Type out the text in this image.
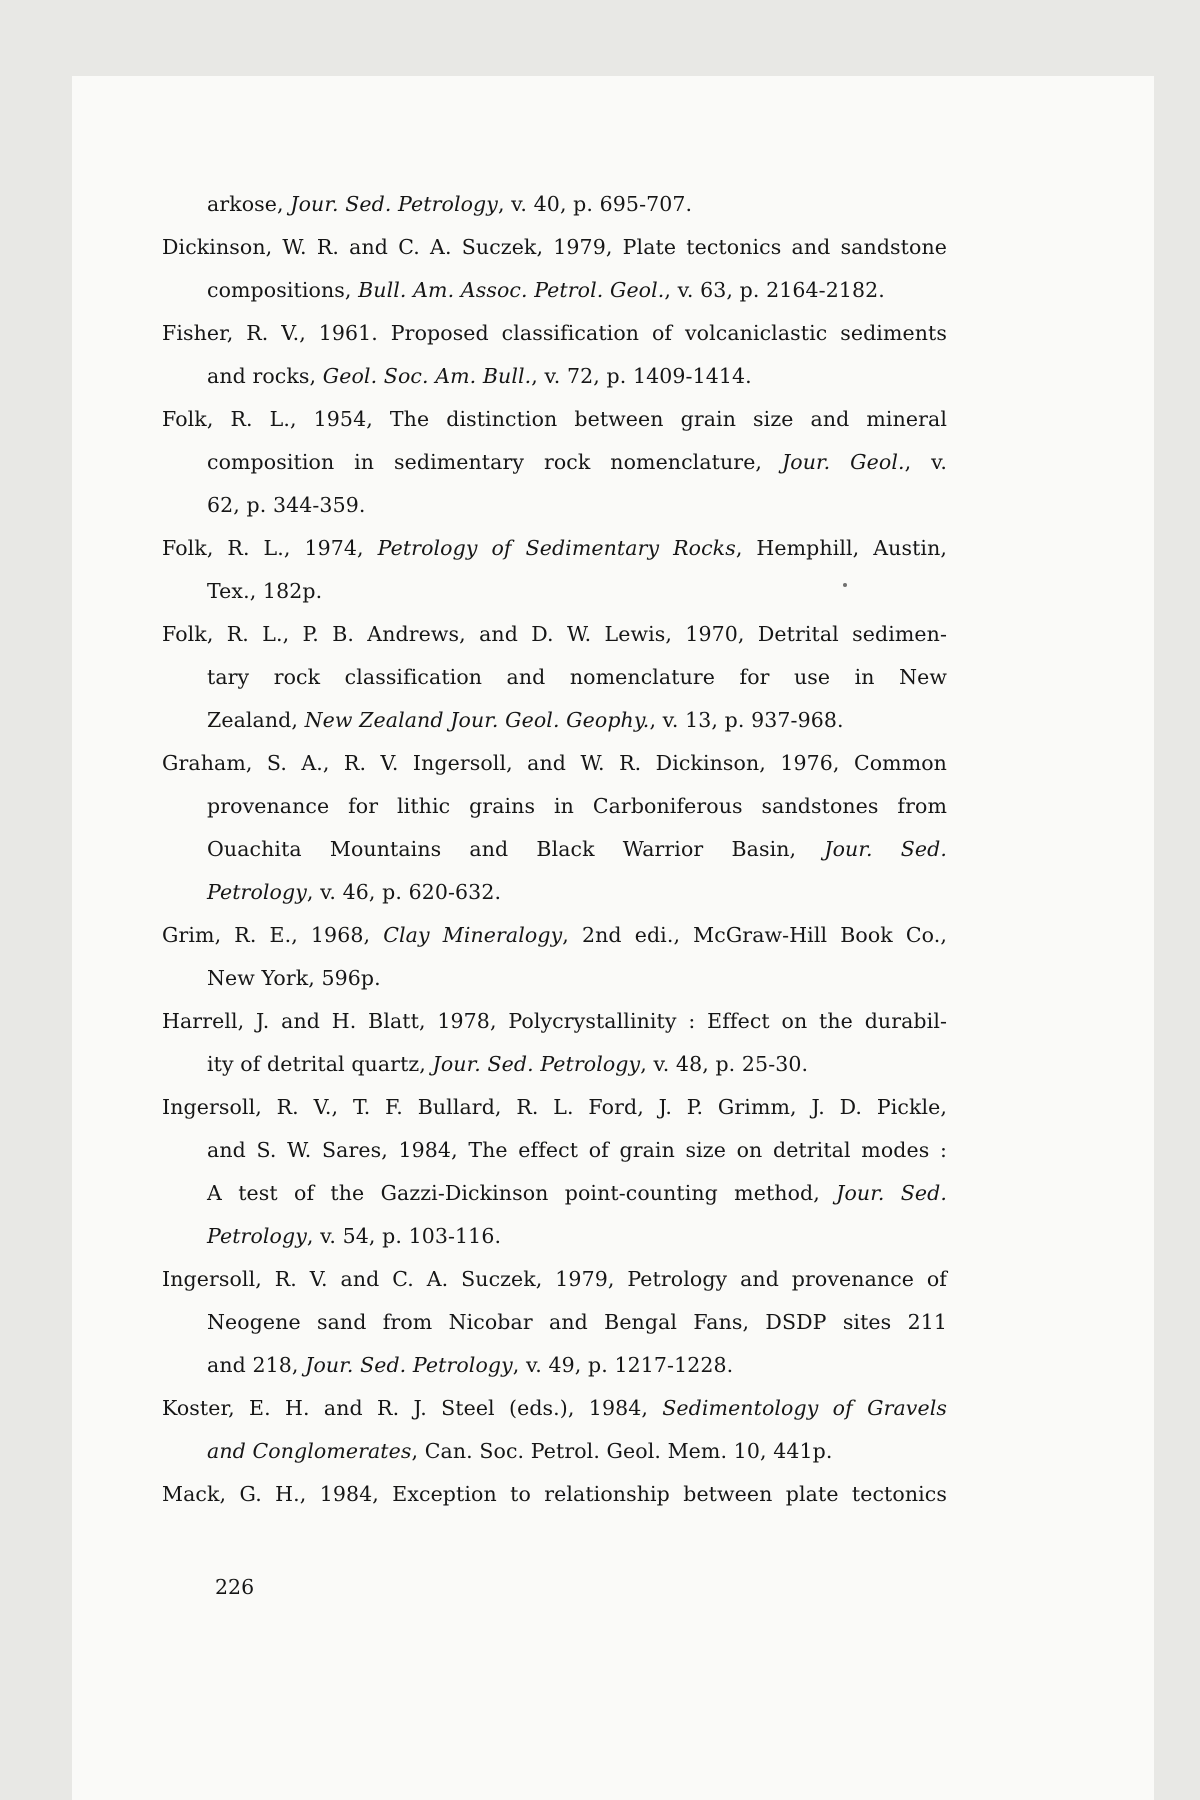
arkose, Jour. Sed. Petrology, v. 40, p. 695-707.
Dickinson, W. R. and C. A. Suczek, 1979, Plate tectonics and sandstone
compositions, Bull. Am. Assoc. Petrol. Geol., v. 63, p. 2164-2182.
Fisher, R. V., 1961. Proposed classification of volcaniclastic sediments
and rocks, Geol. Soc. Am. Bull., v. 72, p. 1409-1414.
Folk, R. L., 1954, The distinction between grain size and mineral
composition in sedimentary rock nomenclature, Jour. Geol., v.
62, p. 344-359.
Folk, R. L., 1974, Petrology of Sedimentary Rocks, Hemphill, Austin,
Tex., 182p.
Folk, R. L., P. B. Andrews, and D. W. Lewis, 1970, Detrital sedimen-
tary rock classification and nomenclature for use in New
Zealand, New Zealand Jour. Geol. Geophy., v. 13, p. 937-968.
Graham, S. A., R. V. Ingersoll, and W. R. Dickinson, 1976, Common
provenance for lithic grains in Carboniferous sandstones from
Ouachita Mountains and Black Warrior Basin, Jour. Sed.
Petrology, v. 46, p. 620-632.
Grim, R. E., 1968, Clay Mineralogy, 2nd edi., McGraw-Hill Book Co.,
New York, 596p.
Harrell, J. and H. Blatt, 1978, Polycrystallinity : Effect on the durabil-
ity of detrital quartz, Jour. Sed. Petrology, v. 48, p. 25-30.
Ingersoll, R. V., T. F. Bullard, R. L. Ford, J. P. Grimm, J. D. Pickle,
and S. W. Sares, 1984, The effect of grain size on detrital modes :
A test of the Gazzi-Dickinson point-counting method, Jour. Sed.
Petrology, v. 54, p. 103-116.
Ingersoll, R. V. and C. A. Suczek, 1979, Petrology and provenance of
Neogene sand from Nicobar and Bengal Fans, DSDP sites 211
and 218, Jour. Sed. Petrology, v. 49, p. 1217-1228.
Koster, E. H. and R. J. Steel (eds.), 1984, Sedimentology of Gravels
and Conglomerates, Can. Soc. Petrol. Geol. Mem. 10, 441p.
Mack, G. H., 1984, Exception to relationship between plate tectonics
226
